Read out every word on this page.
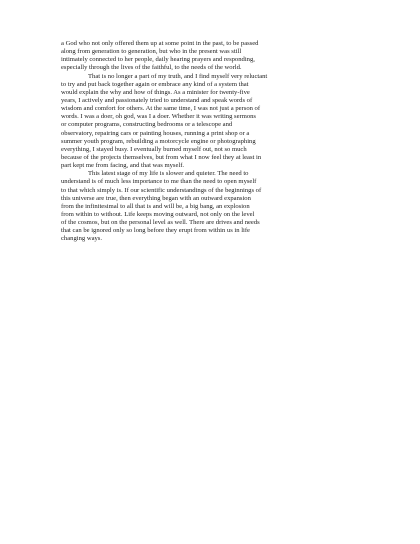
a God who not only offered them up at some point in the past, to be passed
along from generation to generation, but who in the present was still
intimately connected to her people, daily hearing prayers and responding,
especially through the lives of the faithful, to the needs of the world.
That is no longer a part of my truth, and I find myself very reluctant
to try and put back together again or embrace any kind of a system that
would explain the why and how of things. As a minister for twenty-five
years, I actively and passionately tried to understand and speak words of
wisdom and comfort for others. At the same time, I was not just a person of
words. I was a doer, oh god, was I a doer. Whether it was writing sermons
or computer programs, constructing bedrooms or a telescope and
observatory, repairing cars or painting houses, running a print shop or a
summer youth program, rebuilding a motorcycle engine or photographing
everything, I stayed busy. I eventually burned myself out, not so much
because of the projects themselves, but from what I now feel they at least in
part kept me from facing, and that was myself.
This latest stage of my life is slower and quieter. The need to
understand is of much less importance to me than the need to open myself
to that which simply is. If our scientific understandings of the beginnings of
this universe are true, then everything began with an outward expansion
from the infinitesimal to all that is and will be, a big bang, an explosion
from within to without. Life keeps moving outward, not only on the level
of the cosmos, but on the personal level as well. There are drives and needs
that can be ignored only so long before they erupt from within us in life
changing ways.
